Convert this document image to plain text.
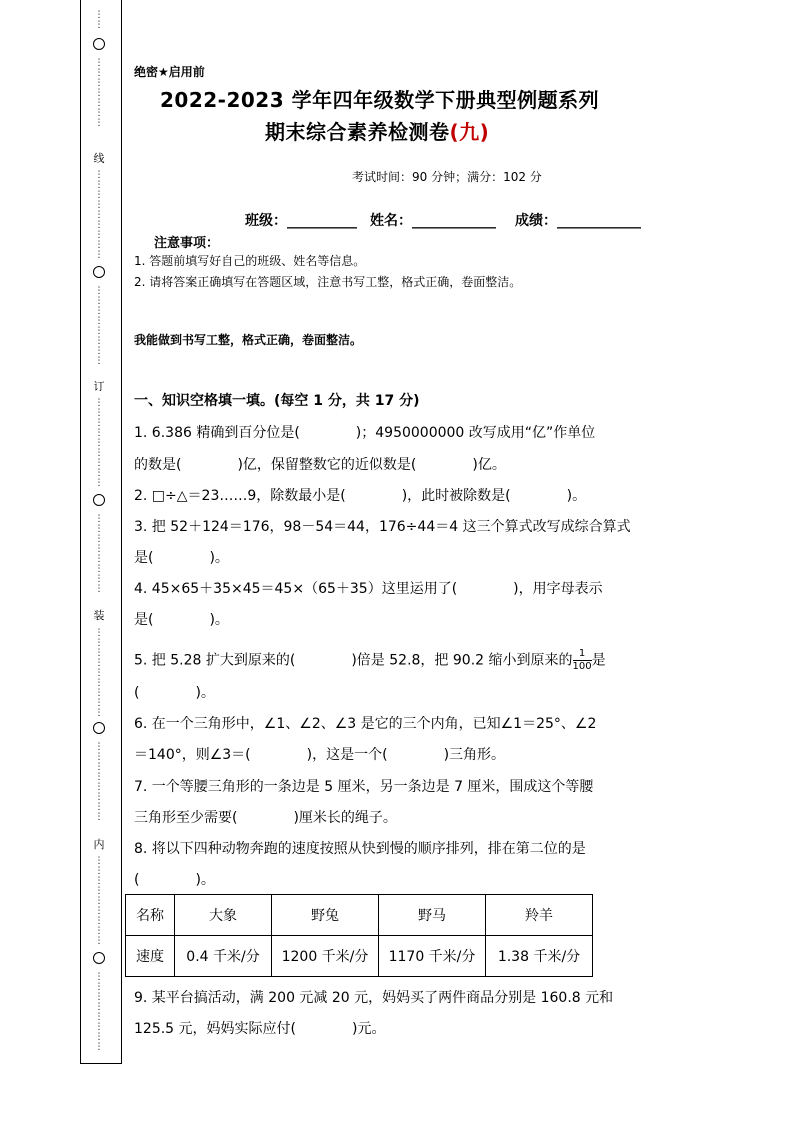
⋮
⋮
⋮
⋮
⋮
⋮
⋮
⋮
⋮
线
⋮
⋮
⋮
⋮
⋮
⋮
⋮
⋮
⋮
⋮
⋮
⋮
⋮
⋮
⋮
⋮
⋮
订
⋮
⋮
⋮
⋮
⋮
⋮
⋮
⋮
⋮
⋮
⋮
⋮
⋮
⋮
⋮
⋮
⋮
装
⋮
⋮
⋮
⋮
⋮
⋮
⋮
⋮
⋮
⋮
⋮
⋮
⋮
⋮
⋮
⋮
⋮
内
⋮
⋮
⋮
⋮
⋮
⋮
⋮
⋮
⋮
⋮
⋮
⋮
⋮
⋮
⋮
⋮
⋮
绝密★启用前
2022-2023 学年四年级数学下册典型例题系列
期末综合素养检测卷(九)
考试时间：90 分钟；满分：102 分
班级：__________ 姓名：____________ 成绩：____________
注意事项：
1. 答题前填写好自己的班级、姓名等信息。
2. 请将答案正确填写在答题区域，注意书写工整，格式正确，卷面整洁。
我能做到书写工整，格式正确，卷面整洁。
一、知识空格填一填。(每空 1 分，共 17 分)
1. 6.386 精确到百分位是(　　　　)；4950000000 改写成用“亿”作单位
的数是(　　　　)亿，保留整数它的近似数是(　　　　)亿。
2. □÷△＝23……9，除数最小是(　　　　)，此时被除数是(　　　　)。
3. 把 52＋124＝176，98－54＝44，176÷44＝4 这三个算式改写成综合算式
是(　　　　)。
4. 45×65＋35×45＝45×（65＋35）这里运用了(　　　　)，用字母表示
是(　　　　)。
5. 把 5.28 扩大到原来的(　　　　)倍是 52.8，把 90.2 缩小到原来的 $\frac{1}{100}$ 是
(　　　　)。
6. 在一个三角形中，∠1、∠2、∠3 是它的三个内角，已知∠1＝25°、∠2
＝140°，则∠3＝(　　　　)，这是一个(　　　　)三角形。
7. 一个等腰三角形的一条边是 5 厘米，另一条边是 7 厘米，围成这个等腰
三角形至少需要(　　　　)厘米长的绳子。
8. 将以下四种动物奔跑的速度按照从快到慢的顺序排列，排在第二位的是
(　　　　)。
名称	大象	野兔	野马	羚羊
速度	0.4 千米/分	1200 千米/分	1170 千米/分	1.38 千米/分
9. 某平台搞活动，满 200 元减 20 元，妈妈买了两件商品分别是 160.8 元和
125.5 元，妈妈实际应付(　　　　)元。
